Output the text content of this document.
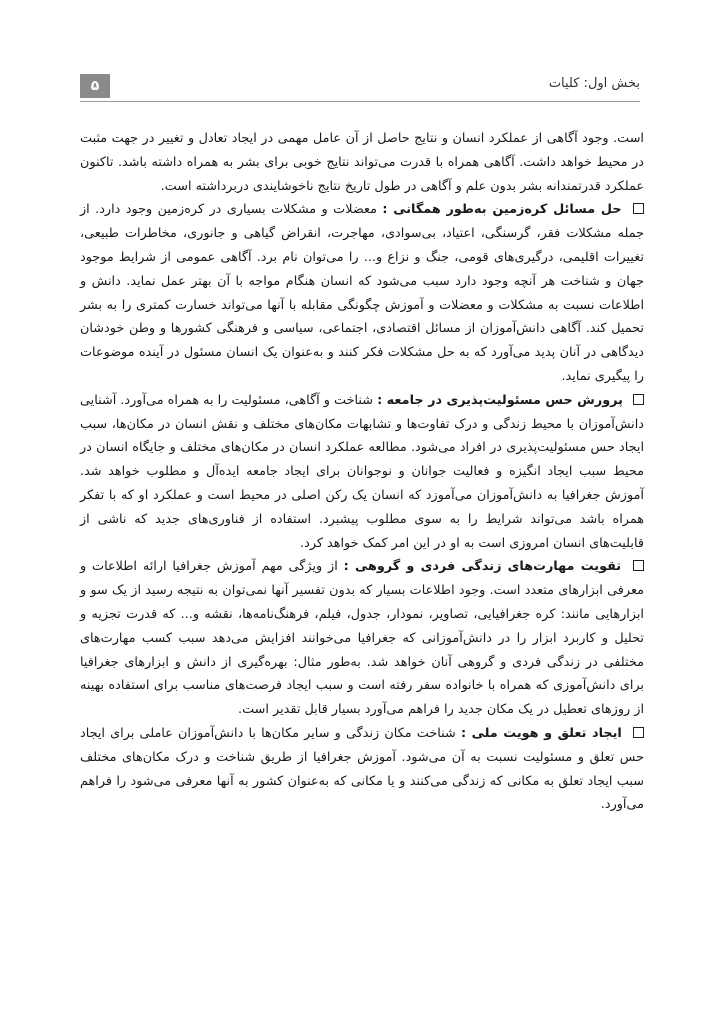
بخش اول: کلیات
۵

است. وجود آگاهی از عملکرد انسان و نتایج حاصل از آن عامل مهمی در ایجاد تعادل و تغییر در جهت مثبت در محیط خواهد داشت. آگاهی همراه با قدرت می‌تواند نتایج خوبی برای بشر به همراه داشته باشد. تاکنون عملکرد قدرتمندانه بشر بدون علم و آگاهی در طول تاریخ نتایج ناخوشایندی دربرداشته است.

حل مسائل کره‌زمین به‌طور همگانی : معضلات و مشکلات بسیاری در کره‌زمین وجود دارد. از جمله مشکلات فقر، گرسنگی، اعتیاد، بی‌سوادی، مهاجرت، انقراض گیاهی و جانوری، مخاطرات طبیعی، تغییرات اقلیمی، درگیری‌های قومی، جنگ و نزاع و... را می‌توان نام برد. آگاهی عمومی از شرایط موجود جهان و شناخت هر آنچه وجود دارد سبب می‌شود که انسان هنگام مواجه با آن بهتر عمل نماید. دانش و اطلاعات نسبت به مشکلات و معضلات و آموزش چگونگی مقابله با آنها می‌تواند خسارت کمتری را به بشر تحمیل کند. آگاهی دانش‌آموزان از مسائل اقتصادی، اجتماعی، سیاسی و فرهنگی کشورها و وطن خودشان دیدگاهی در آنان پدید می‌آورد که به حل مشکلات فکر کنند و به‌عنوان یک انسان مسئول در آینده موضوعات را پیگیری نماید.

پرورش حس مسئولیت‌پذیری در جامعه : شناخت و آگاهی، مسئولیت را به همراه می‌آورد. آشنایی دانش‌آموزان با محیط زندگی و درک تفاوت‌ها و تشابهات مکان‌های مختلف و نقش انسان در مکان‌ها، سبب ایجاد حس مسئولیت‌پذیری در افراد می‌شود. مطالعه عملکرد انسان در مکان‌های مختلف و جایگاه انسان در محیط سبب ایجاد انگیزه و فعالیت جوانان و نوجوانان برای ایجاد جامعه ایده‌آل و مطلوب خواهد شد. آموزش جغرافیا به دانش‌آموزان می‌آموزد که انسان یک رکن اصلی در محیط است و عملکرد او که با تفکر همراه باشد می‌تواند شرایط را به سوی مطلوب پیشبرد. استفاده از فناوری‌های جدید که ناشی از قابلیت‌های انسان امروزی است به او در این امر کمک خواهد کرد.

تقویت مهارت‌های زندگی فردی و گروهی : از ویژگی مهم آموزش جغرافیا ارائه اطلاعات و معرفی ابزارهای متعدد است. وجود اطلاعات بسیار که بدون تفسیر آنها نمی‌توان به نتیجه رسید از یک سو و ابزارهایی مانند: کره جغرافیایی، تصاویر، نمودار، جدول، فیلم، فرهنگ‌نامه‌ها، نقشه و... که قدرت تجزیه و تحلیل و کاربرد ابزار را در دانش‌آموزانی که جغرافیا می‌خوانند افزایش می‌دهد سبب کسب مهارت‌های مختلفی در زندگی فردی و گروهی آنان خواهد شد. به‌طور مثال: بهره‌گیری از دانش و ابزارهای جغرافیا برای دانش‌آموزی که همراه با خانواده سفر رفته است و سبب ایجاد فرصت‌های مناسب برای استفاده بهینه از روزهای تعطیل در یک مکان جدید را فراهم می‌آورد بسیار قابل تقدیر است.

ایجاد تعلق و هویت ملی : شناخت مکان زندگی و سایر مکان‌ها با دانش‌آموزان عاملی برای ایجاد حس تعلق و مسئولیت نسبت به آن می‌شود. آموزش جغرافیا از طریق شناخت و درک مکان‌های مختلف سبب ایجاد تعلق به مکانی که زندگی می‌کنند و یا مکانی که به‌عنوان کشور به آنها معرفی می‌شود را فراهم می‌آورد.
